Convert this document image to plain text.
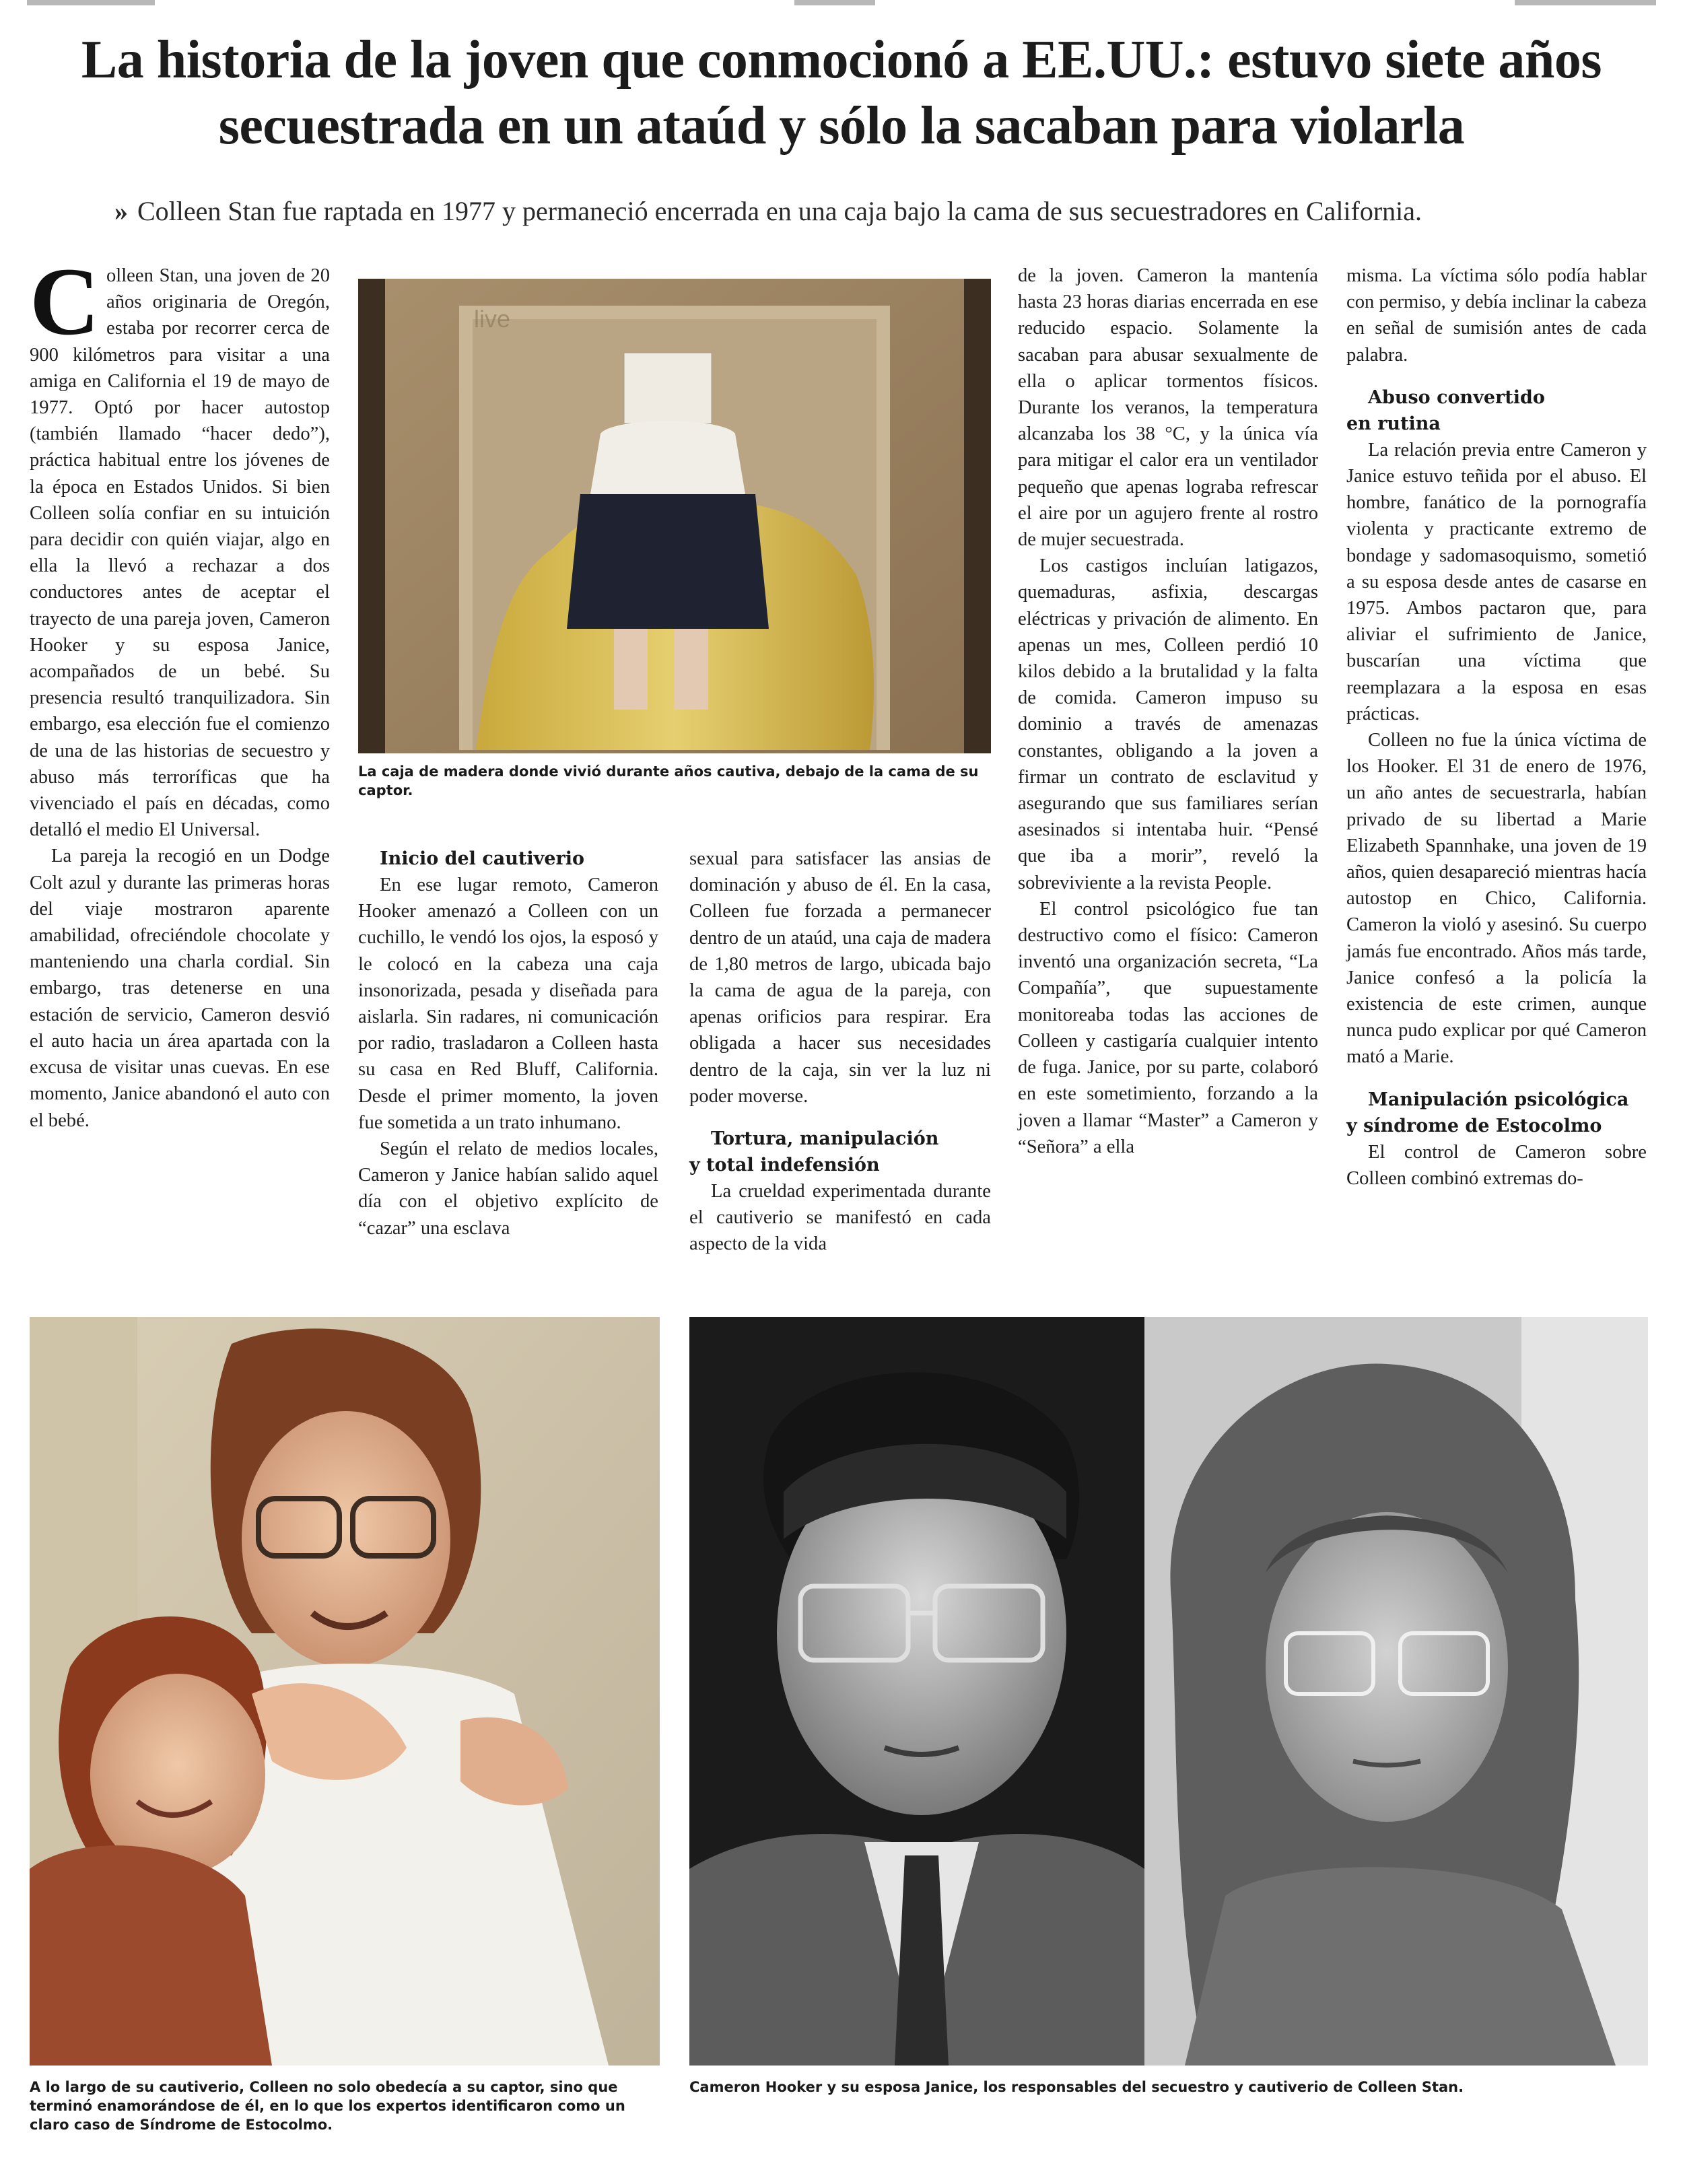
La historia de la joven que conmocionó a EE.UU.: estuvo siete años secuestrada en un ataúd y sólo la sacaban para violarla
» Colleen Stan fue raptada en 1977 y permaneció encerrada en una caja bajo la cama de sus secuestradores en California.
C olleen Stan, una joven de 20 años originaria de Oregón, estaba por recorrer cerca de 900 kilómetros para visitar a una amiga en California el 19 de mayo de 1977. Optó por hacer autostop (también llamado “hacer dedo”), práctica habitual entre los jóvenes de la época en Estados Unidos. Si bien Colleen solía confiar en su intuición para decidir con quién viajar, algo en ella la llevó a rechazar a dos conductores antes de aceptar el trayecto de una pareja joven, Cameron Hooker y su esposa Janice, acompañados de un bebé. Su presencia resultó tranquilizadora. Sin embargo, esa elección fue el comienzo de una de las historias de secuestro y abuso más terroríficas que ha vivenciado el país en décadas, como detalló el medio El Universal.

La pareja la recogió en un Dodge Colt azul y durante las primeras horas del viaje mostraron aparente amabilidad, ofreciéndole chocolate y manteniendo una charla cordial. Sin embargo, tras detenerse en una estación de servicio, Cameron desvió el auto hacia un área apartada con la excusa de visitar unas cuevas. En ese momento, Janice abandonó el auto con el bebé.

live

La caja de madera donde vivió durante años cautiva, debajo de la cama de su captor.

Inicio del cautiverio

En ese lugar remoto, Cameron Hooker amenazó a Colleen con un cuchillo, le vendó los ojos, la esposó y le colocó en la cabeza una caja insonorizada, pesada y diseñada para aislarla. Sin radares, ni comunicación por radio, trasladaron a Colleen hasta su casa en Red Bluff, California. Desde el primer momento, la joven fue sometida a un trato inhumano.

Según el relato de medios locales, Cameron y Janice habían salido aquel día con el objetivo explícito de “cazar” una esclava

sexual para satisfacer las ansias de dominación y abuso de él. En la casa, Colleen fue forzada a permanecer dentro de un ataúd, una caja de madera de 1,80 metros de largo, ubicada bajo la cama de agua de la pareja, con apenas orificios para respirar. Era obligada a hacer sus necesidades dentro de la caja, sin ver la luz ni poder moverse.

Tortura, manipulación
y total indefensión

La crueldad experimentada durante el cautiverio se manifestó en cada aspecto de la vida

de la joven. Cameron la mantenía hasta 23 horas diarias encerrada en ese reducido espacio. Solamente la sacaban para abusar sexualmente de ella o aplicar tormentos físicos. Durante los veranos, la temperatura alcanzaba los 38 °C, y la única vía para mitigar el calor era un ventilador pequeño que apenas lograba refrescar el aire por un agujero frente al rostro de mujer secuestrada.

Los castigos incluían latigazos, quemaduras, asfixia, descargas eléctricas y privación de alimento. En apenas un mes, Colleen perdió 10 kilos debido a la brutalidad y la falta de comida. Cameron impuso su dominio a través de amenazas constantes, obligando a la joven a firmar un contrato de esclavitud y asegurando que sus familiares serían asesinados si intentaba huir. “Pensé que iba a morir”, reveló la sobreviviente a la revista People.

El control psicológico fue tan destructivo como el físico: Cameron inventó una organización secreta, “La Compañía”, que supuestamente monitoreaba todas las acciones de Colleen y castigaría cualquier intento de fuga. Janice, por su parte, colaboró en este sometimiento, forzando a la joven a llamar “Master” a Cameron y “Señora” a ella

misma. La víctima sólo podía hablar con permiso, y debía inclinar la cabeza en señal de sumisión antes de cada palabra.

Abuso convertido
en rutina

La relación previa entre Cameron y Janice estuvo teñida por el abuso. El hombre, fanático de la pornografía violenta y practicante extremo de bondage y sadomasoquismo, sometió a su esposa desde antes de casarse en 1975. Ambos pactaron que, para aliviar el sufrimiento de Janice, buscarían una víctima que reemplazara a la esposa en esas prácticas.

Colleen no fue la única víctima de los Hooker. El 31 de enero de 1976, un año antes de secuestrarla, habían privado de su libertad a Marie Elizabeth Spannhake, una joven de 19 años, quien desapareció mientras hacía autostop en Chico, California. Cameron la violó y asesinó. Su cuerpo jamás fue encontrado. Años más tarde, Janice confesó a la policía la existencia de este crimen, aunque nunca pudo explicar por qué Cameron mató a Marie.

Manipulación psicológica
y síndrome de Estocolmo

El control de Cameron sobre Colleen combinó extremas do-

A lo largo de su cautiverio, Colleen no solo obedecía a su captor, sino que terminó enamorándose de él, en lo que los expertos identificaron como un claro caso de Síndrome de Estocolmo.

Cameron Hooker y su esposa Janice, los responsables del secuestro y cautiverio de Colleen Stan.
